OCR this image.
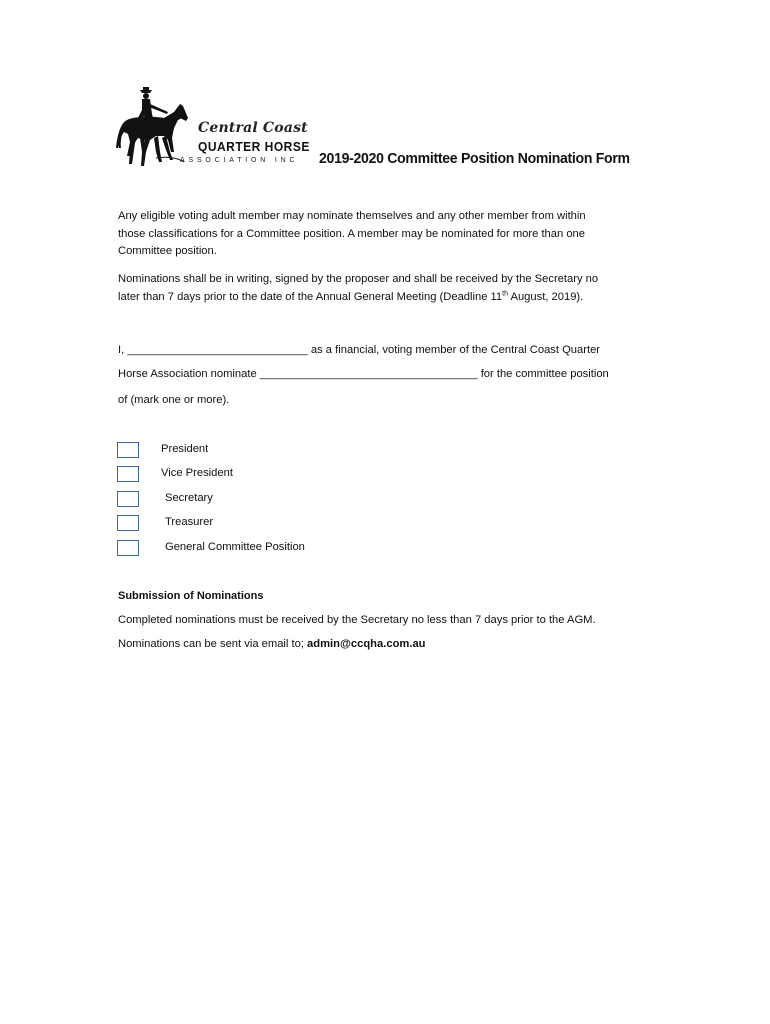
Central Coast
QUARTER HORSE
ASSOCIATION INC 2019-2020 Committee Position Nomination Form
Any eligible voting adult member may nominate themselves and any other member from within
those classifications for a Committee position. A member may be nominated for more than one
Committee position.
Nominations shall be in writing, signed by the proposer and shall be received by the Secretary no
later than 7 days prior to the date of the Annual General Meeting (Deadline 11th August, 2019).
I, _____________________________ as a financial, voting member of the Central Coast Quarter
Horse Association nominate ___________________________________ for the committee position
of (mark one or more).
President
Vice President
Secretary
Treasurer
General Committee Position
Submission of Nominations
Completed nominations must be received by the Secretary no less than 7 days prior to the AGM.
Nominations can be sent via email to; admin@ccqha.com.au
